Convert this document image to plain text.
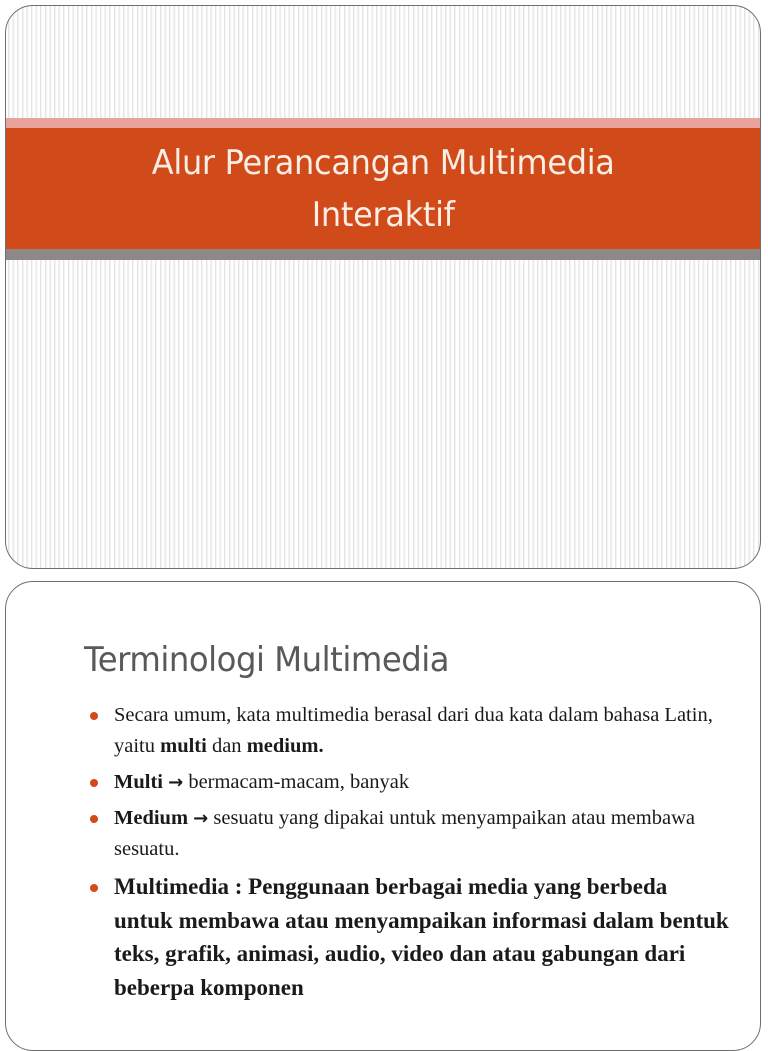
Alur Perancangan Multimedia
Interaktif
Terminologi Multimedia
Secara umum, kata multimedia berasal dari dua kata dalam bahasa Latin, yaitu multi dan medium.
Multi → bermacam-macam, banyak
Medium → sesuatu yang dipakai untuk menyampaikan atau membawa sesuatu.
Multimedia : Penggunaan berbagai media yang berbeda untuk membawa atau menyampaikan informasi dalam bentuk teks, grafik, animasi, audio, video dan atau gabungan dari beberpa komponen
